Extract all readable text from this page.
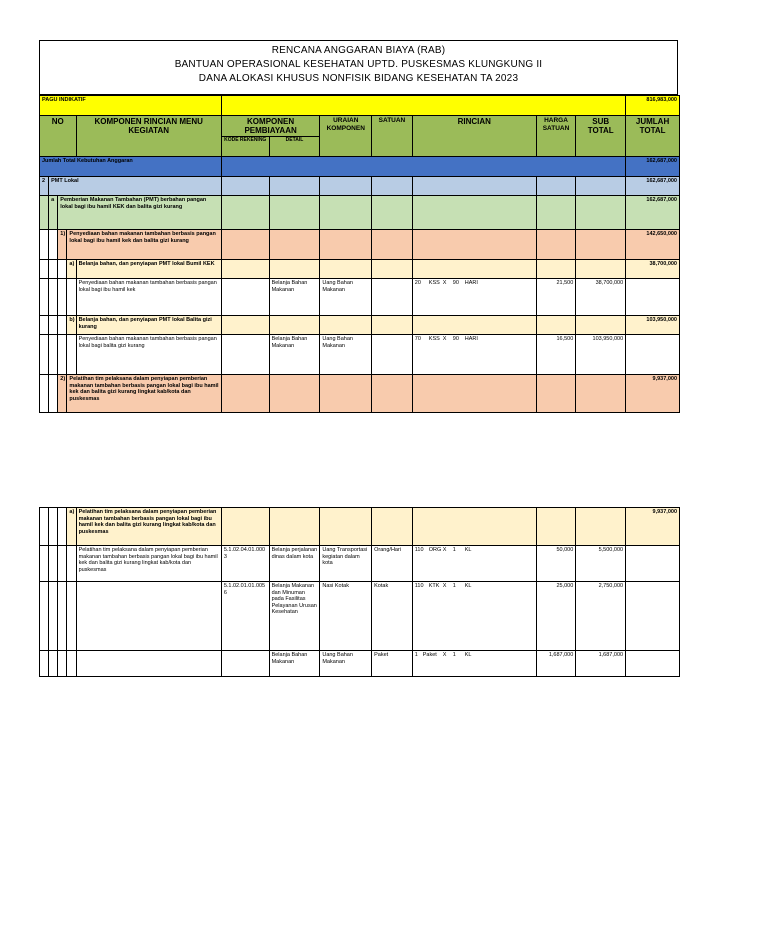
RENCANA ANGGARAN BIAYA (RAB)
BANTUAN OPERASIONAL KESEHATAN UPTD. PUSKESMAS KLUNGKUNG II
DANA ALOKASI KHUSUS NONFISIK BIDANG KESEHATAN TA 2023
PAGU INDIKATIF												816,983,000
NO				KOMPONEN RINCIAN MENU KEGIATAN	KOMPONEN PEMBIAYAAN		URAIAN KOMPONEN	SATUAN	RINCIAN	HARGA SATUAN	SUB TOTAL	JUMLAH TOTAL
					KODE REKENING	DETAIL						
Jumlah Total Kebutuhan Anggaran												162,687,000
2	PMT Lokal											162,687,000
	a	Pemberian Makanan Tambahan (PMT) berbahan pangan lokal bagi ibu hamil KEK dan balita gizi kurang										162,687,000
		1)	Penyediaan bahan makanan tambahan berbasis pangan lokal bagi ibu hamil kek dan balita gizi kurang									142,650,000
			a)	Belanja bahan, dan penyiapan PMT lokal Bumil KEK								38,700,000
				Penyediaan bahan makanan tambahan berbasis pangan lokal bagi ibu hamil kek		Belanja Bahan Makanan	Uang Bahan Makanan		20 KSS X 90 HARI	21,500	38,700,000	
			b)	Belanja bahan, dan penyiapan PMT lokal Balita gizi kurang								103,950,000
				Penyediaan bahan makanan tambahan berbasis pangan lokal bagi balita gizi kurang		Belanja Bahan Makanan	Uang Bahan Makanan		70 KSS X 90 HARI	16,500	103,950,000	
		2)	Pelatihan tim pelaksana dalam penyiapan pemberian makanan tambahan berbasis pangan lokal bagi ibu hamil kek dan balita gizi kurang lingkat kab/kota dan puskesmas									9,937,000
			a)	Pelatihan tim pelaksana dalam penyiapan pemberian makanan tambahan berbasis pangan lokal bagi ibu hamil kek dan balita gizi kurang lingkat kab/kota dan puskesmas								9,937,000
				Pelatihan tim pelaksana dalam penyiapan pemberian makanan tambahan berbasis pangan lokal bagi ibu hamil kek dan balita gizi kurang lingkat kab/kota dan puskesmas	5.1.02.04.01.0003	Belanja perjalanan dinas dalam kota	Uang Transportasi kegiatan dalam kota	Orang/Hari	110 ORGX 1 KL	50,000	5,500,000	
					5.1.02.01.01.0056	Belanja Makanan dan Minuman pada Fasilitas Pelayanan Urusan Kesehatan	Nasi Kotak	Kotak	110 KTK X 1 KL	25,000	2,750,000	
						Belanja Bahan Makanan	Uang Bahan Makanan	Paket	1 Paket X 1 KL	1,687,000	1,687,000	
